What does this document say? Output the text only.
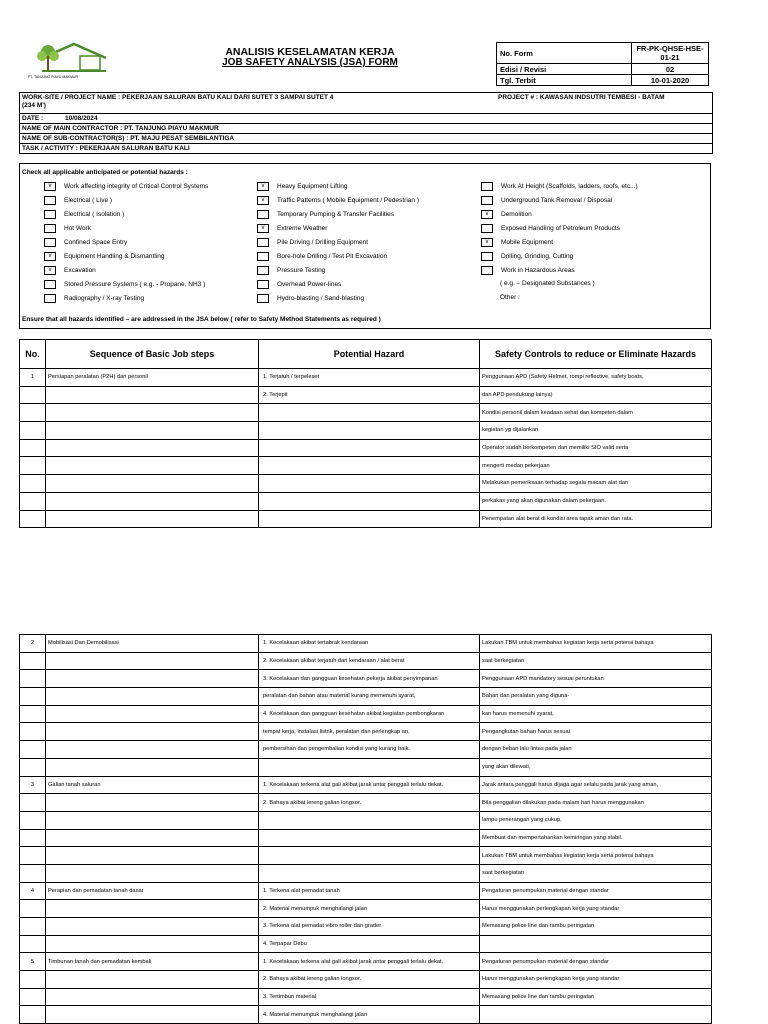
PT. TANJUNG PIAYU MAKMUR
ANALISIS KESELAMATAN KERJA
JOB SAFETY ANALYSIS (JSA) FORM
No. Form	FR-PK-QHSE-HSE-01-21
Edisi / Revisi	02
Tgl. Terbit	10-01-2020
WORK-SITE / PROJECT NAME : PEKERJAAN SALURAN BATU KALI DARI SUTET 3 SAMPAI SUTET 4
(234 M')
PROJECT # : KAWASAN INDSUTRI TEMBESI - BATAM
DATE :	10/08/2024
NAME OF MAIN CONTRACTOR : PT. TANJUNG PIAYU MAKMUR
NAME OF SUB-CONTRACTOR(S) : PT. MAJU PESAT SEMBILANTIGA
TASK / ACTIVITY : PEKERJAAN SALURAN BATU KALI
Check all applicable anticipated or potential hazards :
v	Work affecting integrity of Critical Control Systems
Electrical ( Live )
Electrical ( Isolation )
Hot Work
Confined Space Entry
v	Equipment Handling & Dismantling
v	Excavation
Stored Pressure Systems ( e.g. - Propane, NH3 )
Radiography / X-ray Testing
v	Heavy Equipment Lifting
v	Traffic Patterns ( Mobile Equipment / Pedestrian )
Temporary Pumping & Transfer Facilities
v	Extreme Weather
Pile Driving / Drilling Equipment
Bore-hole Drilling / Test Pit Excavation
Pressure Testing
Overhead Power-lines
Hydro-blasting / Sand-blasting
Work At Height (Scaffolds, ladders, roofs, etc...)
Underground Tank Removal / Disposal
v	Demolition
Exposed Handling of Petroleum Products
v	Mobile Equipment
Drilling, Grinding, Cutting
Work in Hazardous Areas
( e.g. – Designated Substances )
Other :
Ensure that all hazards identified – are addressed in the JSA below ( refer to Safety Method Statements as required )
No.	Sequence of Basic Job steps	Potential Hazard	Safety Controls to reduce or Eliminate Hazards
1	Persiapan peralatan (P2H) dan personil	1. Terjatuh / terpeleset	Penggunaan APD (Safety Helmet, rompi reflective, safety boats,
		2. Terjepit	dan APD pendukung lainya)
			Kondisi personil dalam keadaan sehat dan kompeten dalam
			kegiatan yg dijalankan
			Operator sudah berkompeten dan memiliki SIO valid serta
			mengerti medan pekerjaan
			Melakukan pemeriksaan terhadap segala macam alat dan
			perkakas yang akan digunakan dalam pekerjaan.
			Penempatan alat berat di kondisi area tapak aman dan rata.
2	Mobilisasi Dan Demobilisasi	1. Kecelakaan akibat tertabrak kendaraan	Lakukan TBM untuk membahas kegiatan kerja serta potensi bahaya
		2. Kecelakaan akibat terjatuh dari kendaraan / alat berat	saat berkegiatan
		3. Kecelakaan dan gangguan kesehatan pekerja akibat penyimpanan	Penggunaan APD mandatory sesuai peruntukan
		peralatan dan bahan atau material kurang memenuhi syarat,	Bahan dan peralatan yang diguna-
		4. Kecelakaan dan gangguan kesehatan akibat kegiatan pembongkaran	kan harus memenuhi syarat,
		tempat kerja, instalasi listrik, peralatan dan perlengkap an,	Pengangkutan bahan harus sesuai
		pembersihan dan pengembalian kondisi yang kurang baik.	dengan beban lalu lintas pada jalan
			yang akan dilewati,
3	Galian tanah saluran	1. Kecelakaan terkena alat gali akibat jarak antar penggali terlalu dekat.	Jarak antara penggali harus dijaga agar selalu pada jarak yang aman,
		2. Bahaya akibat lereng galian longsor.	Bila penggalian dilakukan pada malam hari harus menggunakan
			lampu penerangan yang cukup,
			Membuat dan mempertahankan kemiringan yang stabil.
			Lakukan TBM untuk membahas kegiatan kerja serta potensi bahaya
			saat berkegiatan
4	Perapian dan pemadatan tanah dasar	1. Terkena alat pemadat tanah	Pengaturan penumpukan material dengan standar
		2. Material menumpuk menghalangi jalan	Harus menggunakan perlengkapan kerja yang standar
		3. Terkena alat pemadat vibro roller dan grader	Memasang police line dan rambu peringatan
		4. Terpapar Debu	
5	Timbunan tanah dan pemadatan kembali	1. Kecelakaan terkena alat gali akibat jarak antar penggali terlalu dekat.	Pengaturan penumpukan material dengan standar
		2. Bahaya akibat lereng galian longsor.	Harus menggunakan perlengkapan kerja yang standar
		3. Tertimbun material	Memasang police line dan rambu peringatan
		4. Material menumpuk menghalangi jalan	
